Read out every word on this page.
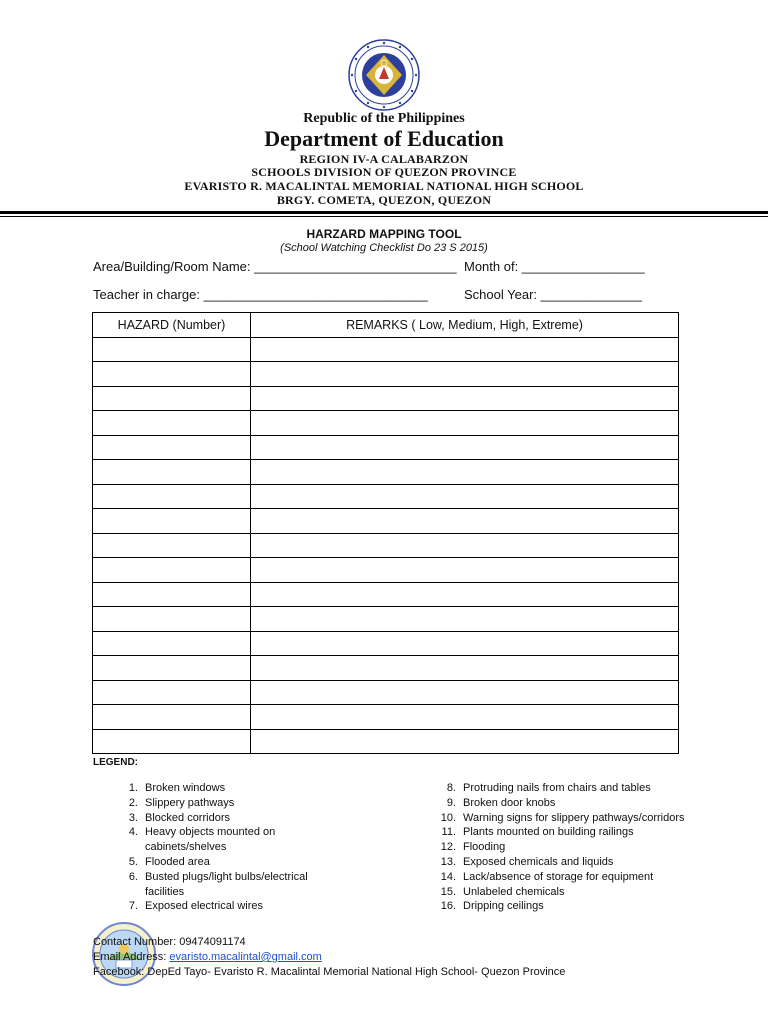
Republic of the Philippines
Department of Education
REGION IV-A CALABARZON
SCHOOLS DIVISION OF QUEZON PROVINCE
EVARISTO R. MACALINTAL MEMORIAL NATIONAL HIGH SCHOOL
BRGY. COMETA, QUEZON, QUEZON
HARZARD MAPPING TOOL
(School Watching Checklist Do 23 S 2015)
Area/Building/Room Name: ____________________________ Month of: _________________
Teacher in charge: _______________________________	School Year: ______________
HAZARD (Number)	REMARKS ( Low, Medium, High, Extreme)

LEGEND:
1. Broken windows
2. Slippery pathways
3. Blocked corridors
4. Heavy objects mounted on cabinets/shelves
5. Flooded area
6. Busted plugs/light bulbs/electrical facilities
7. Exposed electrical wires
8. Protruding nails from chairs and tables
9. Broken door knobs
10. Warning signs for slippery pathways/corridors
11. Plants mounted on building railings
12. Flooding
13. Exposed chemicals and liquids
14. Lack/absence of storage for equipment
15. Unlabeled chemicals
16. Dripping ceilings
Contact Number: 09474091174
Email Address: evaristo.macalintal@gmail.com
Facebook: DepEd Tayo- Evaristo R. Macalintal Memorial National High School- Quezon Province
